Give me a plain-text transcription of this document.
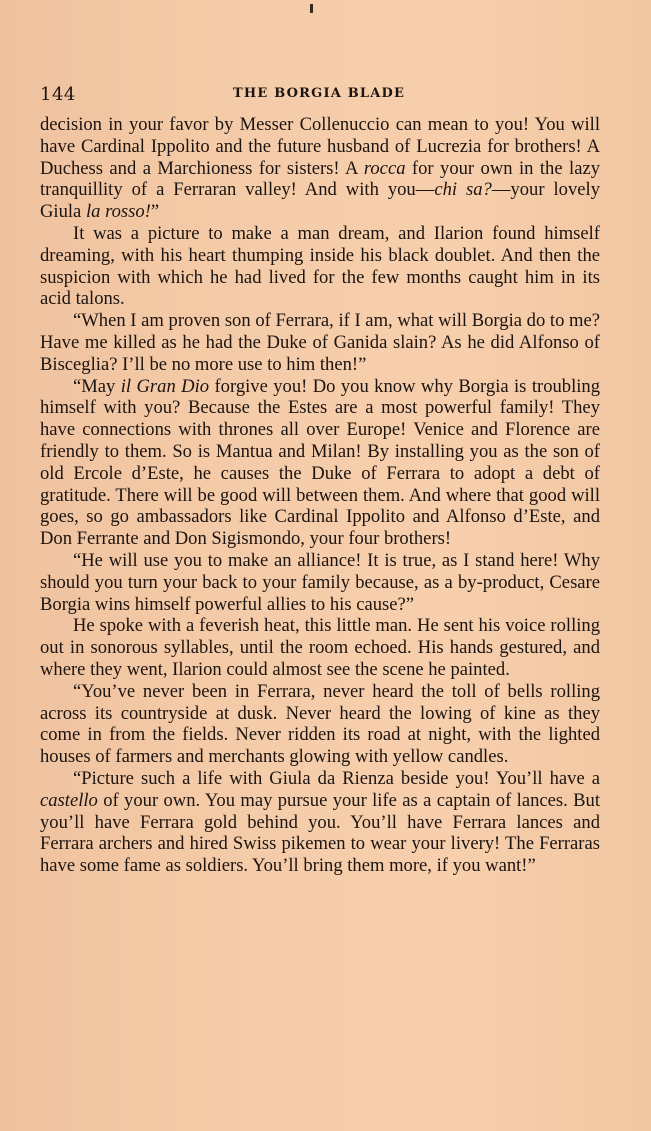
144	THE BORGIA BLADE

decision in your favor by Messer Collenuccio can mean to you! You will have Cardinal Ippolito and the future husband of Lucrezia for brothers! A Duchess and a Marchioness for sisters! A rocca for your own in the lazy tranquillity of a Ferraran valley! And with you—chi sa?—your lovely Giula la rosso!”

It was a picture to make a man dream, and Ilarion found himself dreaming, with his heart thumping inside his black doublet. And then the suspicion with which he had lived for the few months caught him in its acid talons.

“When I am proven son of Ferrara, if I am, what will Borgia do to me? Have me killed as he had the Duke of Ganida slain? As he did Alfonso of Bisceglia? I’ll be no more use to him then!”

“May il Gran Dio forgive you! Do you know why Borgia is troubling himself with you? Because the Estes are a most powerful family! They have connections with thrones all over Europe! Venice and Florence are friendly to them. So is Mantua and Milan! By installing you as the son of old Ercole d’Este, he causes the Duke of Ferrara to adopt a debt of gratitude. There will be good will between them. And where that good will goes, so go ambassadors like Cardinal Ippolito and Alfonso d’Este, and Don Ferrante and Don Sigismondo, your four brothers!

“He will use you to make an alliance! It is true, as I stand here! Why should you turn your back to your family because, as a by-product, Cesare Borgia wins himself powerful allies to his cause?”

He spoke with a feverish heat, this little man. He sent his voice rolling out in sonorous syllables, until the room echoed. His hands gestured, and where they went, Ilarion could almost see the scene he painted.

“You’ve never been in Ferrara, never heard the toll of bells rolling across its countryside at dusk. Never heard the lowing of kine as they come in from the fields. Never ridden its road at night, with the lighted houses of farmers and merchants glowing with yellow candles.

“Picture such a life with Giula da Rienza beside you! You’ll have a castello of your own. You may pursue your life as a captain of lances. But you’ll have Ferrara gold behind you. You’ll have Ferrara lances and Ferrara archers and hired Swiss pikemen to wear your livery! The Ferraras have some fame as soldiers. You’ll bring them more, if you want!”
